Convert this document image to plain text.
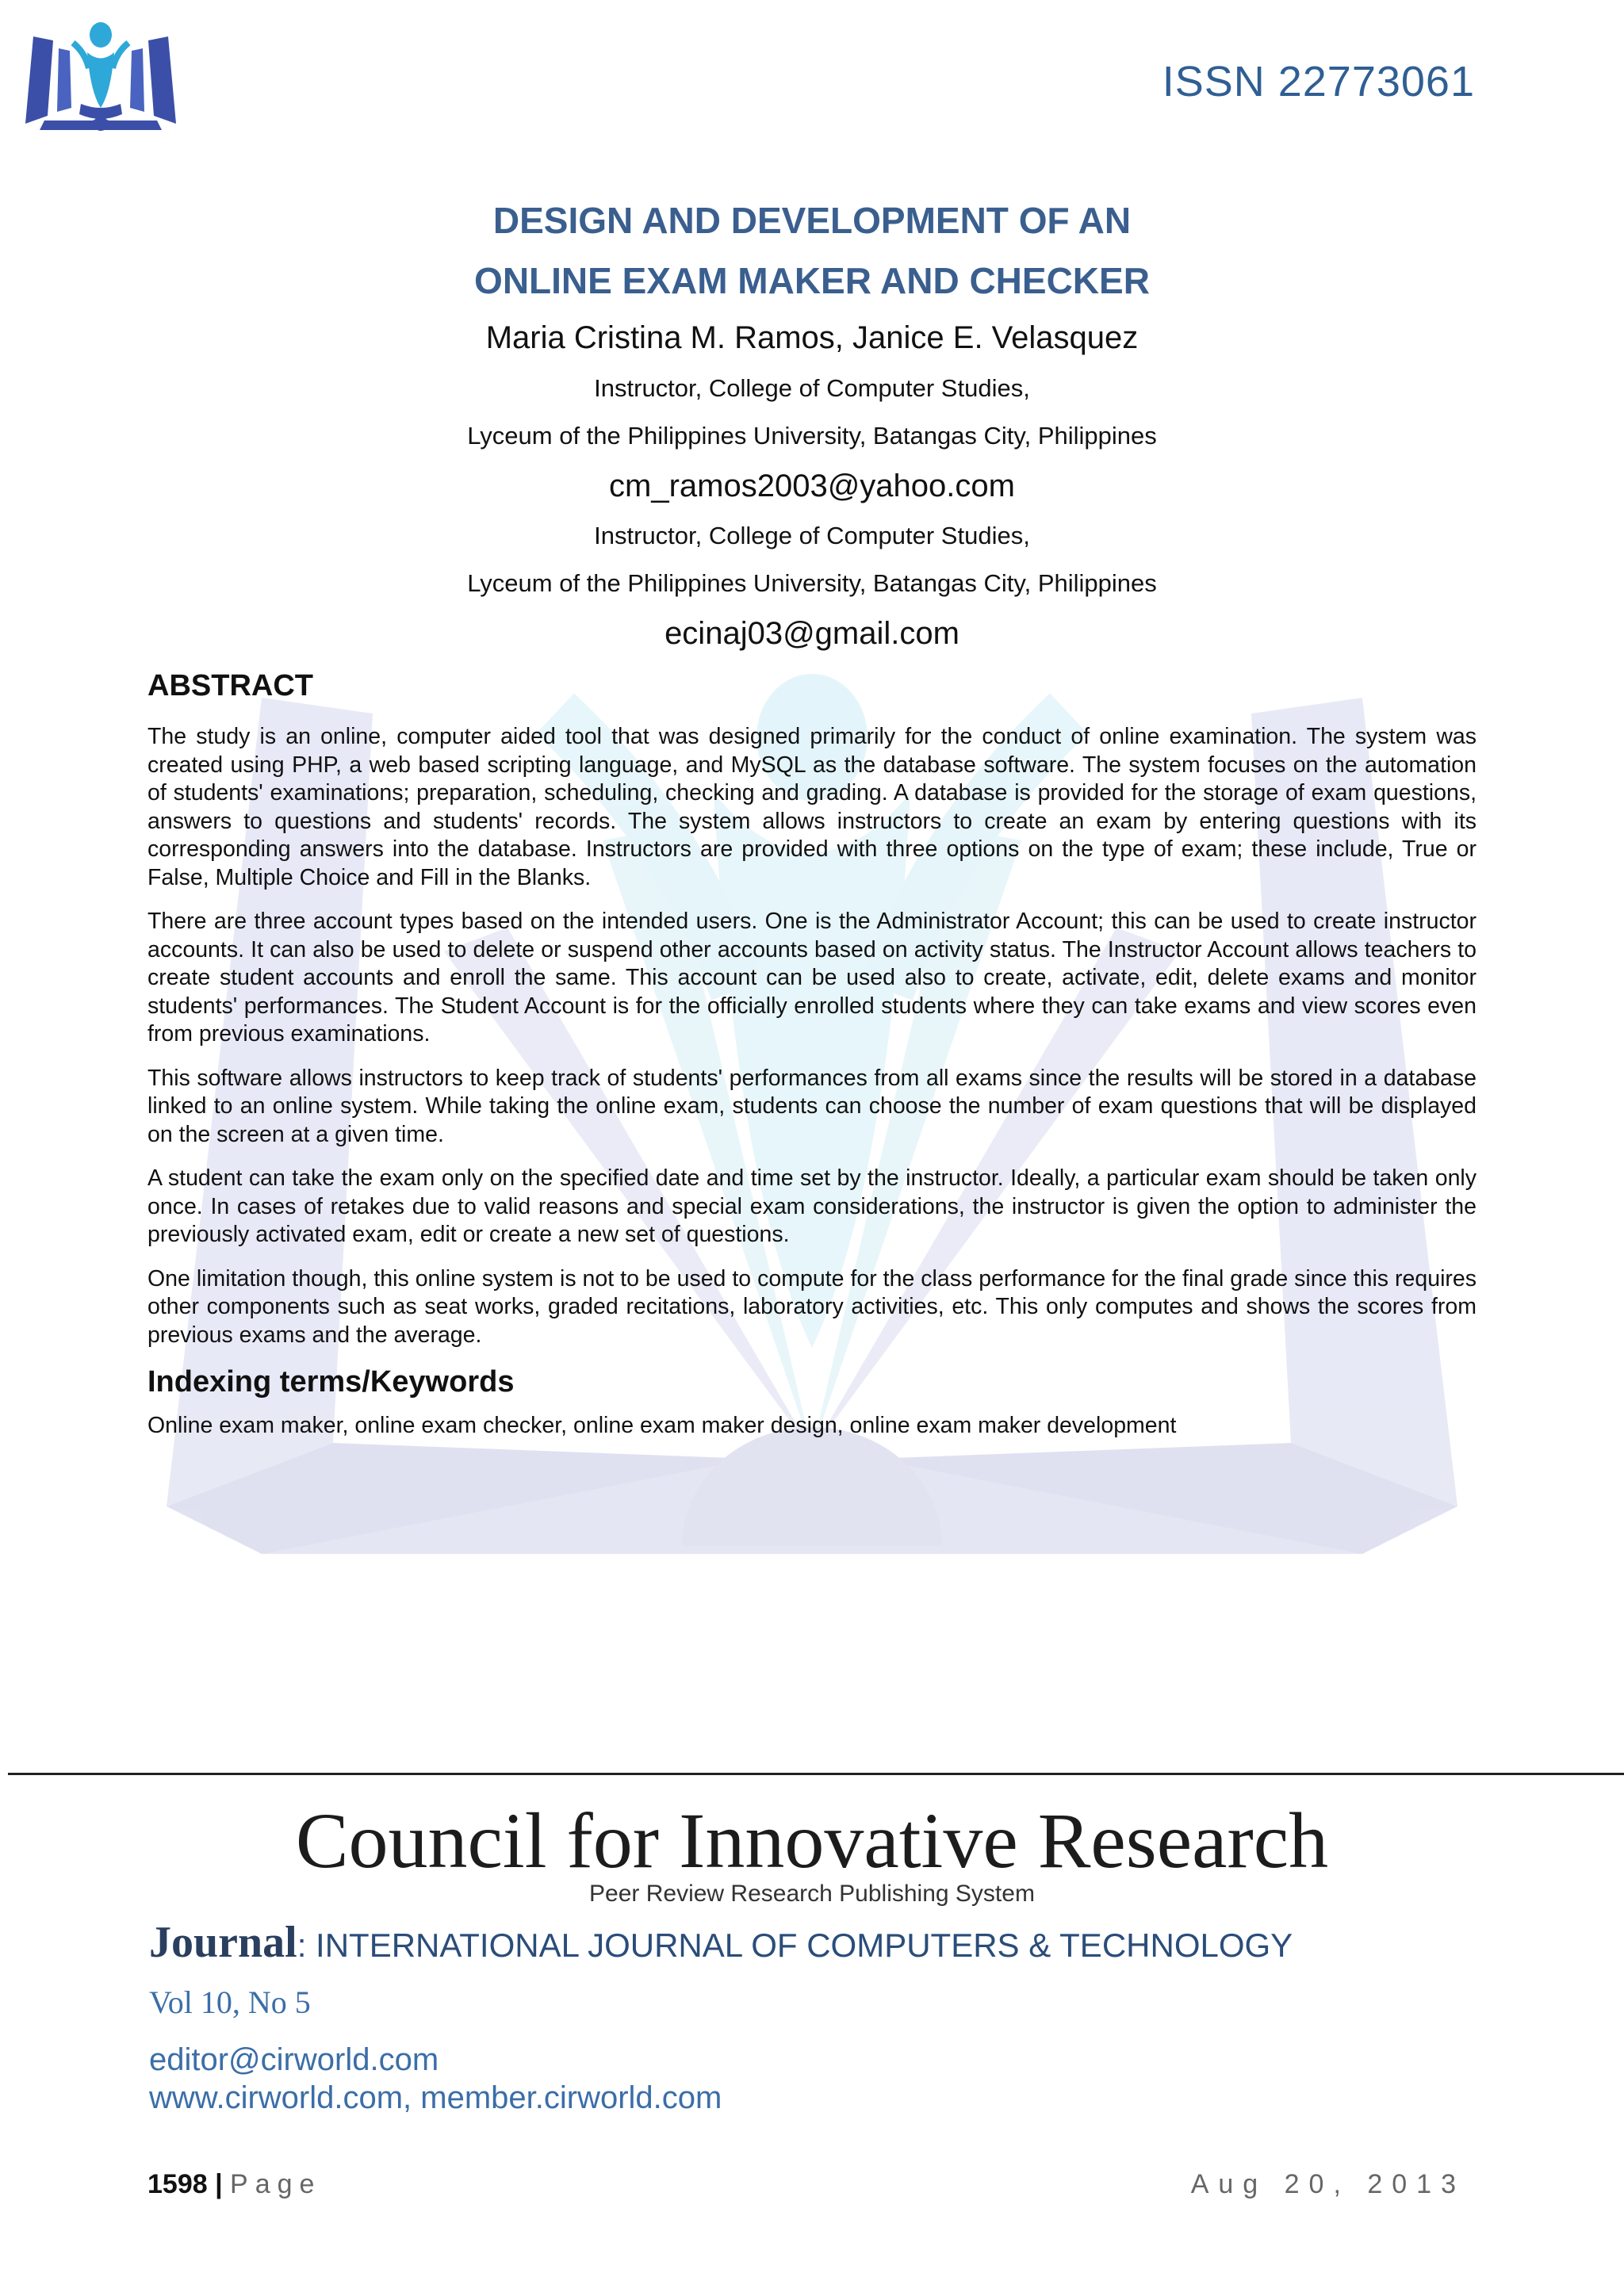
ISSN 22773061
DESIGN AND DEVELOPMENT OF AN
ONLINE EXAM MAKER AND CHECKER
Maria Cristina M. Ramos, Janice E. Velasquez
Instructor, College of Computer Studies,
Lyceum of the Philippines University, Batangas City, Philippines
cm_ramos2003@yahoo.com
Instructor, College of Computer Studies,
Lyceum of the Philippines University, Batangas City, Philippines
ecinaj03@gmail.com
ABSTRACT

The study is an online, computer aided tool that was designed primarily for the conduct of online examination. The system was created using PHP, a web based scripting language, and MySQL as the database software. The system focuses on the automation of students' examinations; preparation, scheduling, checking and grading. A database is provided for the storage of exam questions, answers to questions and students' records. The system allows instructors to create an exam by entering questions with its corresponding answers into the database. Instructors are provided with three options on the type of exam; these include, True or False, Multiple Choice and Fill in the Blanks.

There are three account types based on the intended users. One is the Administrator Account; this can be used to create instructor accounts. It can also be used to delete or suspend other accounts based on activity status. The Instructor Account allows teachers to create student accounts and enroll the same. This account can be used also to create, activate, edit, delete exams and monitor students' performances. The Student Account is for the officially enrolled students where they can take exams and view scores even from previous examinations.

This software allows instructors to keep track of students' performances from all exams since the results will be stored in a database linked to an online system. While taking the online exam, students can choose the number of exam questions that will be displayed on the screen at a given time.

A student can take the exam only on the specified date and time set by the instructor. Ideally, a particular exam should be taken only once. In cases of retakes due to valid reasons and special exam considerations, the instructor is given the option to administer the previously activated exam, edit or create a new set of questions.

One limitation though, this online system is not to be used to compute for the class performance for the final grade since this requires other components such as seat works, graded recitations, laboratory activities, etc. This only computes and shows the scores from previous exams and the average.

Indexing terms/Keywords

Online exam maker, online exam checker, online exam maker design, online exam maker development

Council for Innovative Research
Peer Review Research Publishing System
Journal: INTERNATIONAL JOURNAL OF COMPUTERS & TECHNOLOGY
Vol 10, No 5
editor@cirworld.com
www.cirworld.com, member.cirworld.com
1598 | Page	Aug 20, 2013
